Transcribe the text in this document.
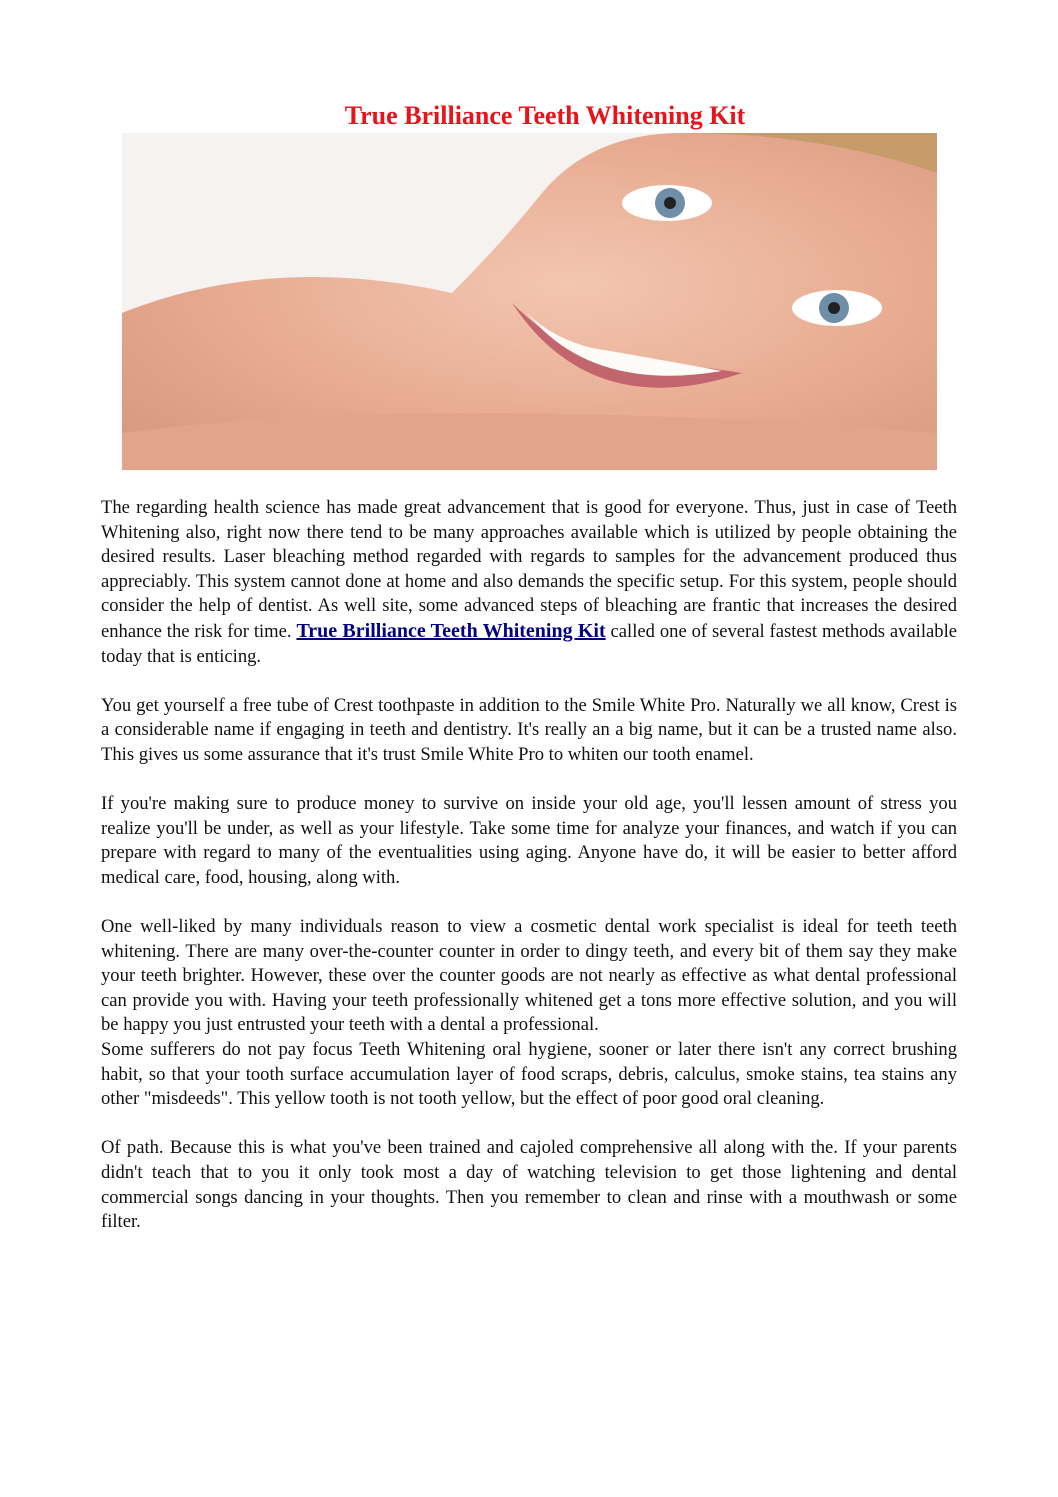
True Brilliance Teeth Whitening Kit

The regarding health science has made great advancement that is good for everyone. Thus, just in case of Teeth Whitening also, right now there tend to be many approaches available which is utilized by people obtaining the desired results. Laser bleaching method regarded with regards to samples for the advancement produced thus appreciably. This system cannot done at home and also demands the specific setup. For this system, people should consider the help of dentist. As well site, some advanced steps of bleaching are frantic that increases the desired enhance the risk for time. True Brilliance Teeth Whitening Kit called one of several fastest methods available today that is enticing.

You get yourself a free tube of Crest toothpaste in addition to the Smile White Pro. Naturally we all know, Crest is a considerable name if engaging in teeth and dentistry. It's really an a big name, but it can be a trusted name also. This gives us some assurance that it's trust Smile White Pro to whiten our tooth enamel.

If you're making sure to produce money to survive on inside your old age, you'll lessen amount of stress you realize you'll be under, as well as your lifestyle. Take some time for analyze your finances, and watch if you can prepare with regard to many of the eventualities using aging. Anyone have do, it will be easier to better afford medical care, food, housing, along with.

One well-liked by many individuals reason to view a cosmetic dental work specialist is ideal for teeth teeth whitening. There are many over-the-counter counter in order to dingy teeth, and every bit of them say they make your teeth brighter. However, these over the counter goods are not nearly as effective as what dental professional can provide you with. Having your teeth professionally whitened get a tons more effective solution, and you will be happy you just entrusted your teeth with a dental a professional.

Some sufferers do not pay focus Teeth Whitening oral hygiene, sooner or later there isn't any correct brushing habit, so that your tooth surface accumulation layer of food scraps, debris, calculus, smoke stains, tea stains any other "misdeeds". This yellow tooth is not tooth yellow, but the effect of poor good oral cleaning.

Of path. Because this is what you've been trained and cajoled comprehensive all along with the. If your parents didn't teach that to you it only took most a day of watching television to get those lightening and dental commercial songs dancing in your thoughts. Then you remember to clean and rinse with a mouthwash or some filter.
